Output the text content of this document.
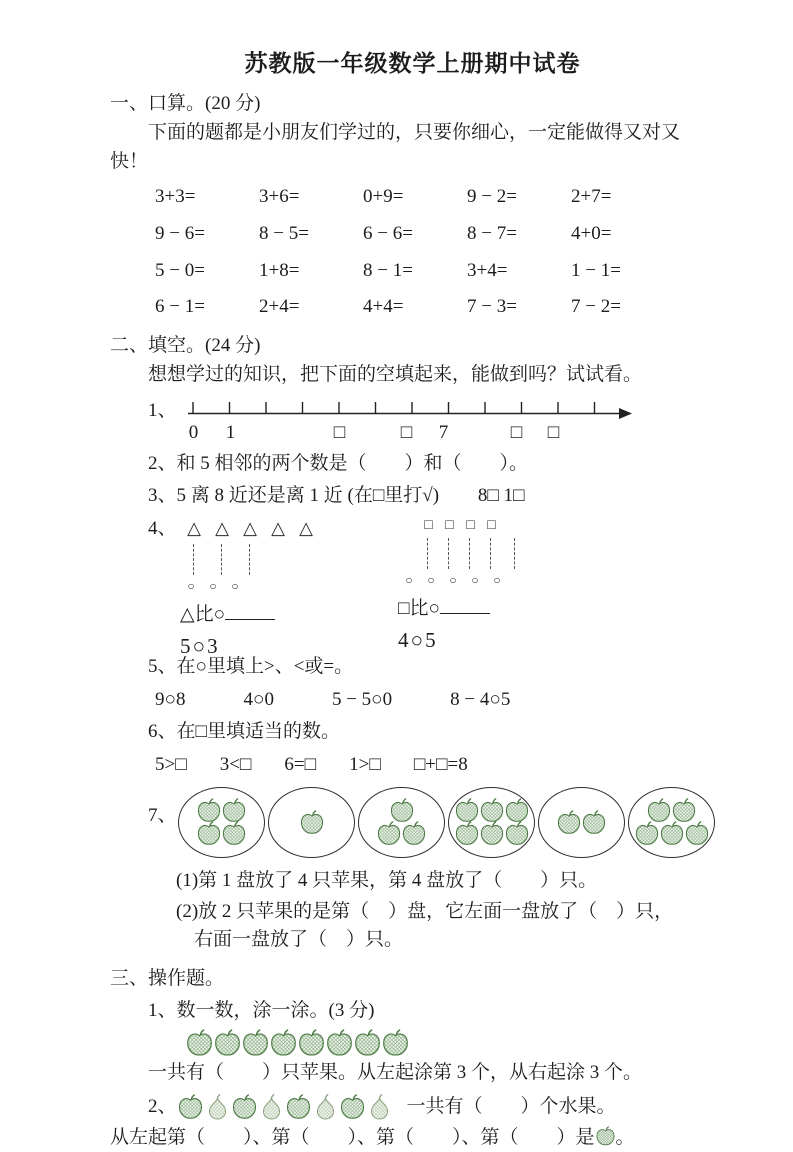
苏教版一年级数学上册期中试卷
一、口算。(20 分)
下面的题都是小朋友们学过的，只要你细心，一定能做得又对又
快！
3+3=	3+6=	0+9=	9 − 2=	2+7=
9 − 6=	8 − 5=	6 − 6=	8 − 7=	4+0=
5 − 0=	1+8=	8 − 1=	3+4=	1 − 1=
6 − 1=	2+4=	4+4=	7 − 3=	7 − 2=
二、填空。(24 分)
想想学过的知识，把下面的空填起来，能做到吗？试试看。
1、
0 1	□	□ 7	□ □
2、和 5 相邻的两个数是（　　）和（　　）。
3、5 离 8 近还是离 1 近 (在□里打√) 8□ 1□
4、 △ △ △ △ △
○	○	○
△比○
5○3
□ □ □ □
○	○	○	○	○
□比○
4○5
5、在○里填上>、<或=。
9○8	4○0	5 − 5○0	8 − 4○5
6、在□里填适当的数。
5>□ 3<□ 6=□ 1>□ □+□=8
7、
(1)第 1 盘放了 4 只苹果，第 4 盘放了（　　）只。
(2)放 2 只苹果的是第（　）盘，它左面一盘放了（　）只，
右面一盘放了（　）只。
三、操作题。
1、数一数，涂一涂。(3 分)
一共有（　　）只苹果。从左起涂第 3 个，从右起涂 3 个。
2、	一共有（　　）个水果。
从左起第（　　）、第（　　）、第（　　）、第（　　）是 。
